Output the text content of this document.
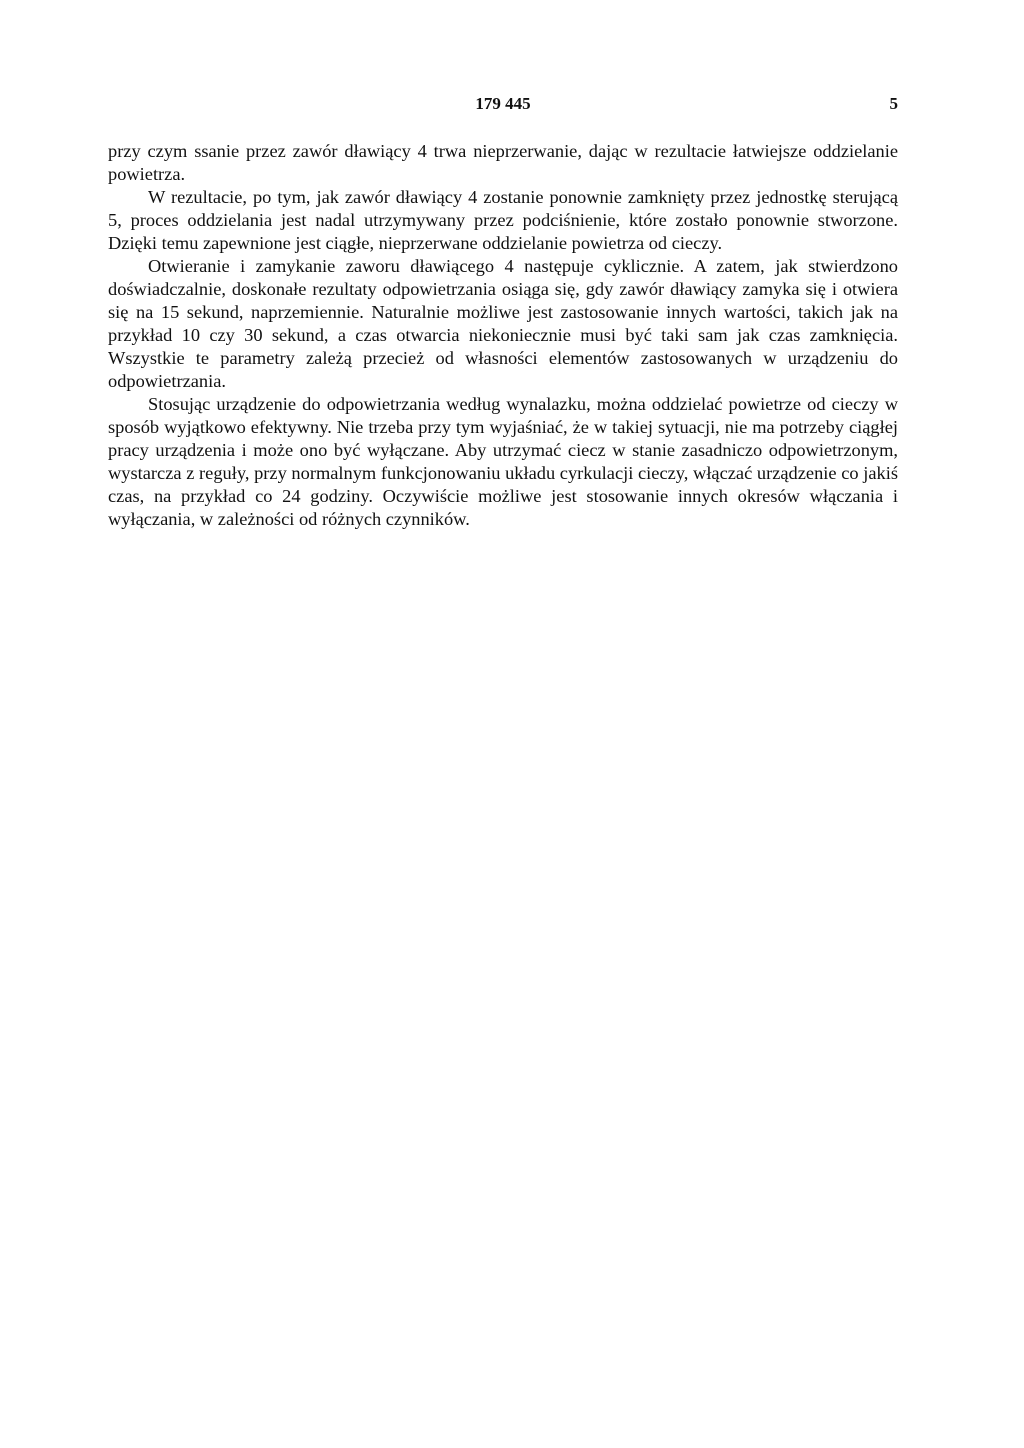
179 445	5

przy czym ssanie przez zawór dławiący 4 trwa nieprzerwanie, dając w rezultacie łatwiejsze oddzielanie powietrza.

W rezultacie, po tym, jak zawór dławiący 4 zostanie ponownie zamknięty przez jednostkę sterującą 5, proces oddzielania jest nadal utrzymywany przez podciśnienie, które zostało ponownie stworzone. Dzięki temu zapewnione jest ciągłe, nieprzerwane oddzielanie powietrza od cieczy.

Otwieranie i zamykanie zaworu dławiącego 4 następuje cyklicznie. A zatem, jak stwierdzono doświadczalnie, doskonałe rezultaty odpowietrzania osiąga się, gdy zawór dławiący zamyka się i otwiera się na 15 sekund, naprzemiennie. Naturalnie możliwe jest zastosowanie innych wartości, takich jak na przykład 10 czy 30 sekund, a czas otwarcia niekoniecznie musi być taki sam jak czas zamknięcia. Wszystkie te parametry zależą przecież od własności elementów zastosowanych w urządzeniu do odpowietrzania.

Stosując urządzenie do odpowietrzania według wynalazku, można oddzielać powietrze od cieczy w sposób wyjątkowo efektywny. Nie trzeba przy tym wyjaśniać, że w takiej sytuacji, nie ma potrzeby ciągłej pracy urządzenia i może ono być wyłączane. Aby utrzymać ciecz w stanie zasadniczo odpowietrzonym, wystarcza z reguły, przy normalnym funkcjonowaniu układu cyrkulacji cieczy, włączać urządzenie co jakiś czas, na przykład co 24 godziny. Oczywiście możliwe jest stosowanie innych okresów włączania i wyłączania, w zależności od różnych czynników.
